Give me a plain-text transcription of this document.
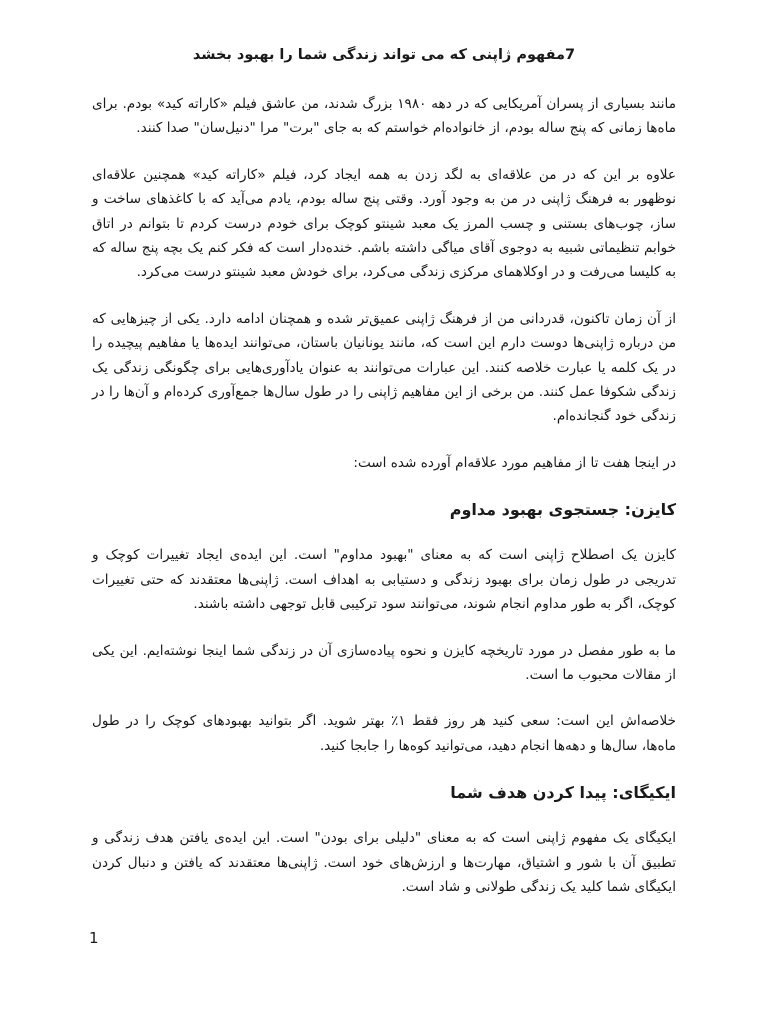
7مفهوم ژاپنی که می تواند زندگی شما را بهبود بخشد

مانند بسیاری از پسران آمریکایی که در دهه ۱۹۸۰ بزرگ شدند، من عاشق فیلم «کاراته کید» بودم. برای ماه‌ها زمانی که پنج ساله بودم، از خانواده‌ام خواستم که به جای "برت" مرا "دنیل‌سان" صدا کنند.

علاوه بر این که در من علاقه‌ای به لگد زدن به همه ایجاد کرد، فیلم «کاراته کید» همچنین علاقه‌ای نوظهور به فرهنگ ژاپنی در من به وجود آورد. وقتی پنج ساله بودم، یادم می‌آید که با کاغذهای ساخت و ساز، چوب‌های بستنی و چسب المرز یک معبد شینتو کوچک برای خودم درست کردم تا بتوانم در اتاق خوابم تنظیماتی شبیه به دوجوی آقای میاگی داشته باشم. خنده‌دار است که فکر کنم یک بچه پنج ساله که به کلیسا می‌رفت و در اوکلاهمای مرکزی زندگی می‌کرد، برای خودش معبد شینتو درست می‌کرد.

از آن زمان تاکنون، قدردانی من از فرهنگ ژاپنی عمیق‌تر شده و همچنان ادامه دارد. یکی از چیزهایی که من درباره ژاپنی‌ها دوست دارم این است که، مانند یونانیان باستان، می‌توانند ایده‌ها یا مفاهیم پیچیده را در یک کلمه یا عبارت خلاصه کنند. این عبارات می‌توانند به عنوان یادآوری‌هایی برای چگونگی زندگی یک زندگی شکوفا عمل کنند. من برخی از این مفاهیم ژاپنی را در طول سال‌ها جمع‌آوری کرده‌ام و آن‌ها را در زندگی خود گنجانده‌ام.

در اینجا هفت تا از مفاهیم مورد علاقه‌ام آورده شده است:

کایزن: جستجوی بهبود مداوم

کایزن یک اصطلاح ژاپنی است که به معنای "بهبود مداوم" است. این ایده‌ی ایجاد تغییرات کوچک و تدریجی در طول زمان برای بهبود زندگی و دستیابی به اهداف است. ژاپنی‌ها معتقدند که حتی تغییرات کوچک، اگر به طور مداوم انجام شوند، می‌توانند سود ترکیبی قابل توجهی داشته باشند.

ما به طور مفصل در مورد تاریخچه کایزن و نحوه پیاده‌سازی آن در زندگی شما اینجا نوشته‌ایم. این یکی از مقالات محبوب ما است.

خلاصه‌اش این است: سعی کنید هر روز فقط ۱٪ بهتر شوید. اگر بتوانید بهبودهای کوچک را در طول ماه‌ها، سال‌ها و دهه‌ها انجام دهید، می‌توانید کوه‌ها را جابجا کنید.

ایکیگای: پیدا کردن هدف شما

ایکیگای یک مفهوم ژاپنی است که به معنای "دلیلی برای بودن" است. این ایده‌ی یافتن هدف زندگی و تطبیق آن با شور و اشتیاق، مهارت‌ها و ارزش‌های خود است. ژاپنی‌ها معتقدند که یافتن و دنبال کردن ایکیگای شما کلید یک زندگی طولانی و شاد است.

1
